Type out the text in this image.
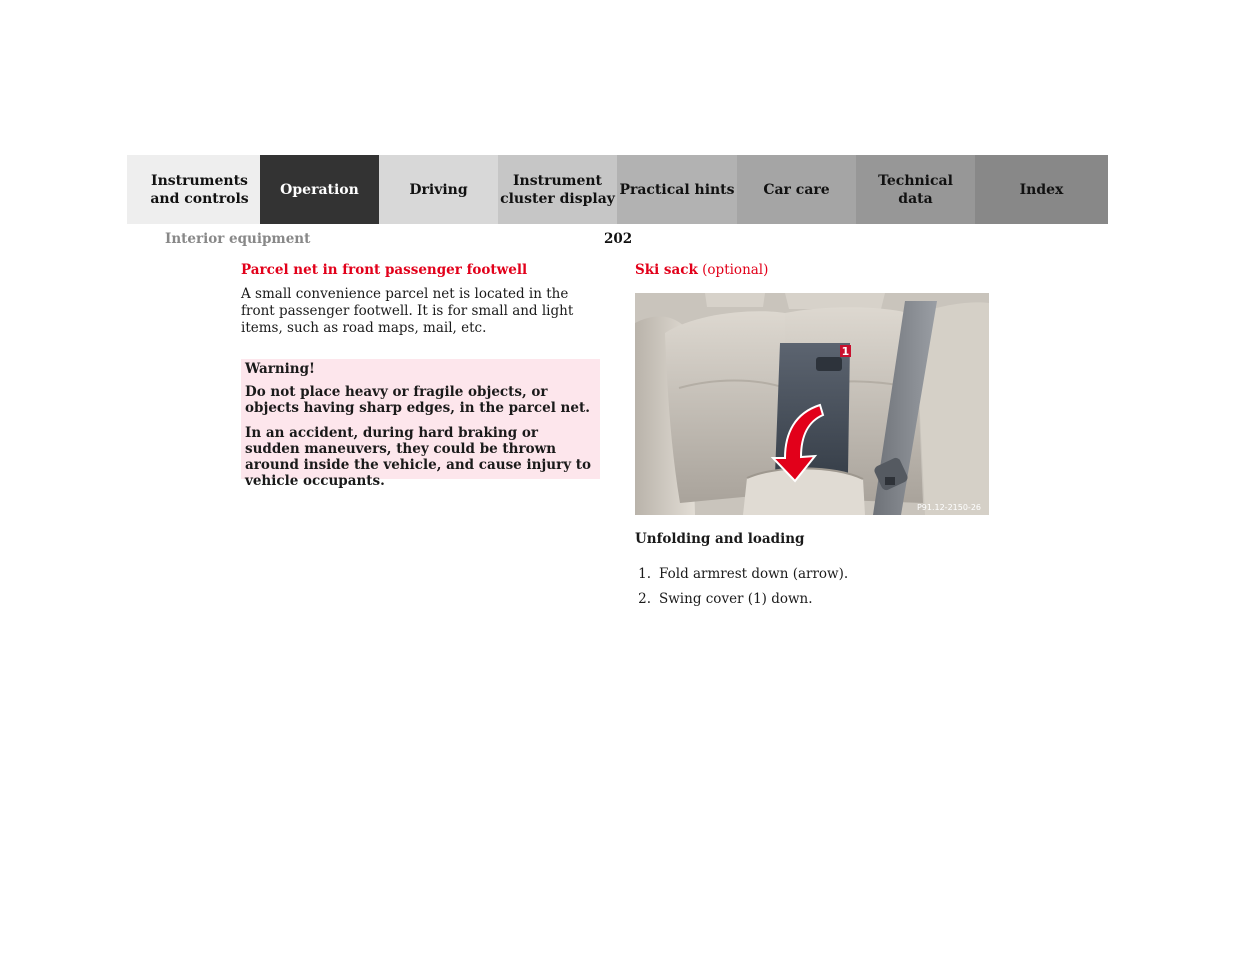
Instruments
and controls
Operation	Driving
Instrument
cluster display
Practical hints	Car care
Technical
data
Index
Interior equipment	202

Parcel net in front passenger footwell

A small convenience parcel net is located in the front passenger footwell. It is for small and light items, such as road maps, mail, etc.

Warning!

Do not place heavy or fragile objects, or objects having sharp edges, in the parcel net.

In an accident, during hard braking or sudden maneuvers, they could be thrown around inside the vehicle, and cause injury to vehicle occupants.

Ski sack (optional)

1
P91.12-2150-26

Unfolding and loading

1. Fold armrest down (arrow).
2. Swing cover (1) down.
